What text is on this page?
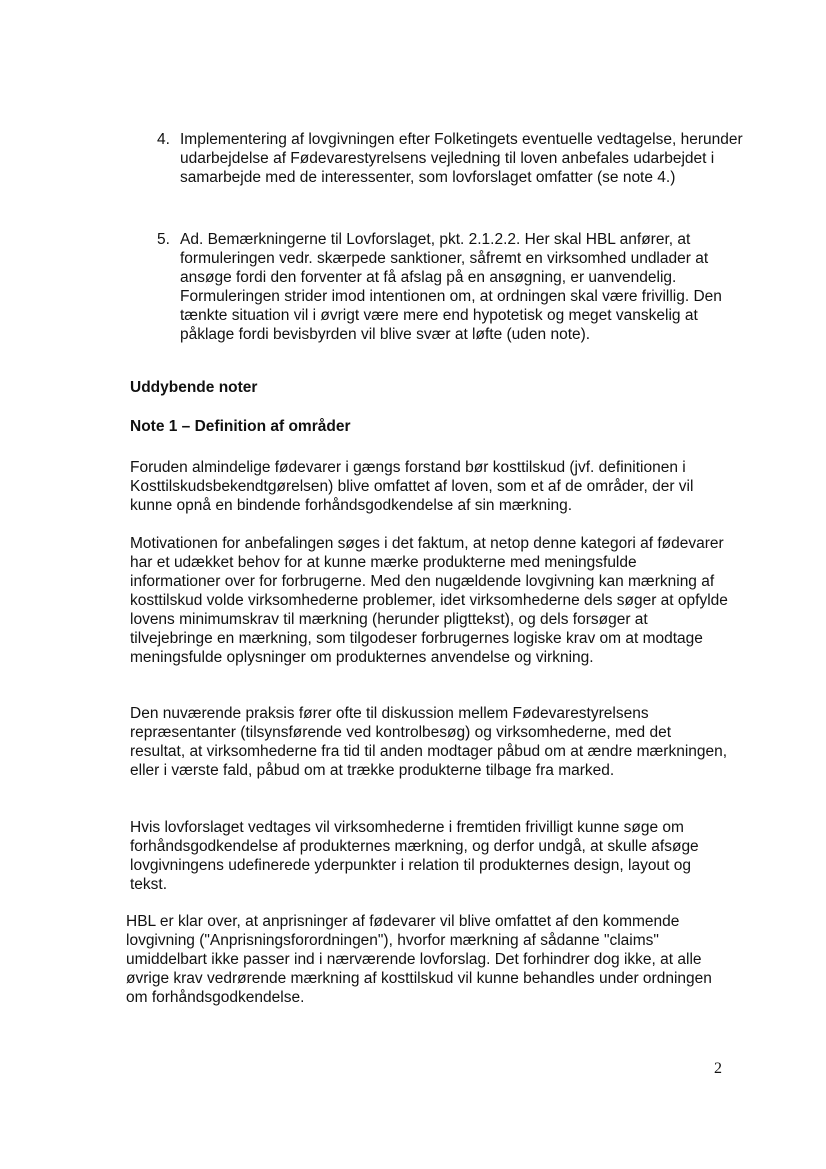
4. Implementering af lovgivningen efter Folketingets eventuelle vedtagelse, herunder udarbejdelse af Fødevarestyrelsens vejledning til loven anbefales udarbejdet i samarbejde med de interessenter, som lovforslaget omfatter (se note 4.)

5. Ad. Bemærkningerne til Lovforslaget, pkt. 2.1.2.2. Her skal HBL anfører, at formuleringen vedr. skærpede sanktioner, såfremt en virksomhed undlader at ansøge fordi den forventer at få afslag på en ansøgning, er uanvendelig. Formuleringen strider imod intentionen om, at ordningen skal være frivillig. Den tænkte situation vil i øvrigt være mere end hypotetisk og meget vanskelig at påklage fordi bevisbyrden vil blive svær at løfte (uden note).

Uddybende noter
Note 1 – Definition af områder

Foruden almindelige fødevarer i gængs forstand bør kosttilskud (jvf. definitionen i Kosttilskudsbekendtgørelsen) blive omfattet af loven, som et af de områder, der vil kunne opnå en bindende forhåndsgodkendelse af sin mærkning.

Motivationen for anbefalingen søges i det faktum, at netop denne kategori af fødevarer har et udækket behov for at kunne mærke produkterne med meningsfulde informationer over for forbrugerne. Med den nugældende lovgivning kan mærkning af kosttilskud volde virksomhederne problemer, idet virksomhederne dels søger at opfylde lovens minimumskrav til mærkning (herunder pligttekst), og dels forsøger at tilvejebringe en mærkning, som tilgodeser forbrugernes logiske krav om at modtage meningsfulde oplysninger om produkternes anvendelse og virkning.

Den nuværende praksis fører ofte til diskussion mellem Fødevarestyrelsens repræsentanter (tilsynsførende ved kontrolbesøg) og virksomhederne, med det resultat, at virksomhederne fra tid til anden modtager påbud om at ændre mærkningen, eller i værste fald, påbud om at trække produkterne tilbage fra marked.

Hvis lovforslaget vedtages vil virksomhederne i fremtiden frivilligt kunne søge om forhåndsgodkendelse af produkternes mærkning, og derfor undgå, at skulle afsøge lovgivningens udefinerede yderpunkter i relation til produkternes design, layout og tekst.

HBL er klar over, at anprisninger af fødevarer vil blive omfattet af den kommende lovgivning ("Anprisningsforordningen"), hvorfor mærkning af sådanne "claims" umiddelbart ikke passer ind i nærværende lovforslag. Det forhindrer dog ikke, at alle øvrige krav vedrørende mærkning af kosttilskud vil kunne behandles under ordningen om forhåndsgodkendelse.

2
